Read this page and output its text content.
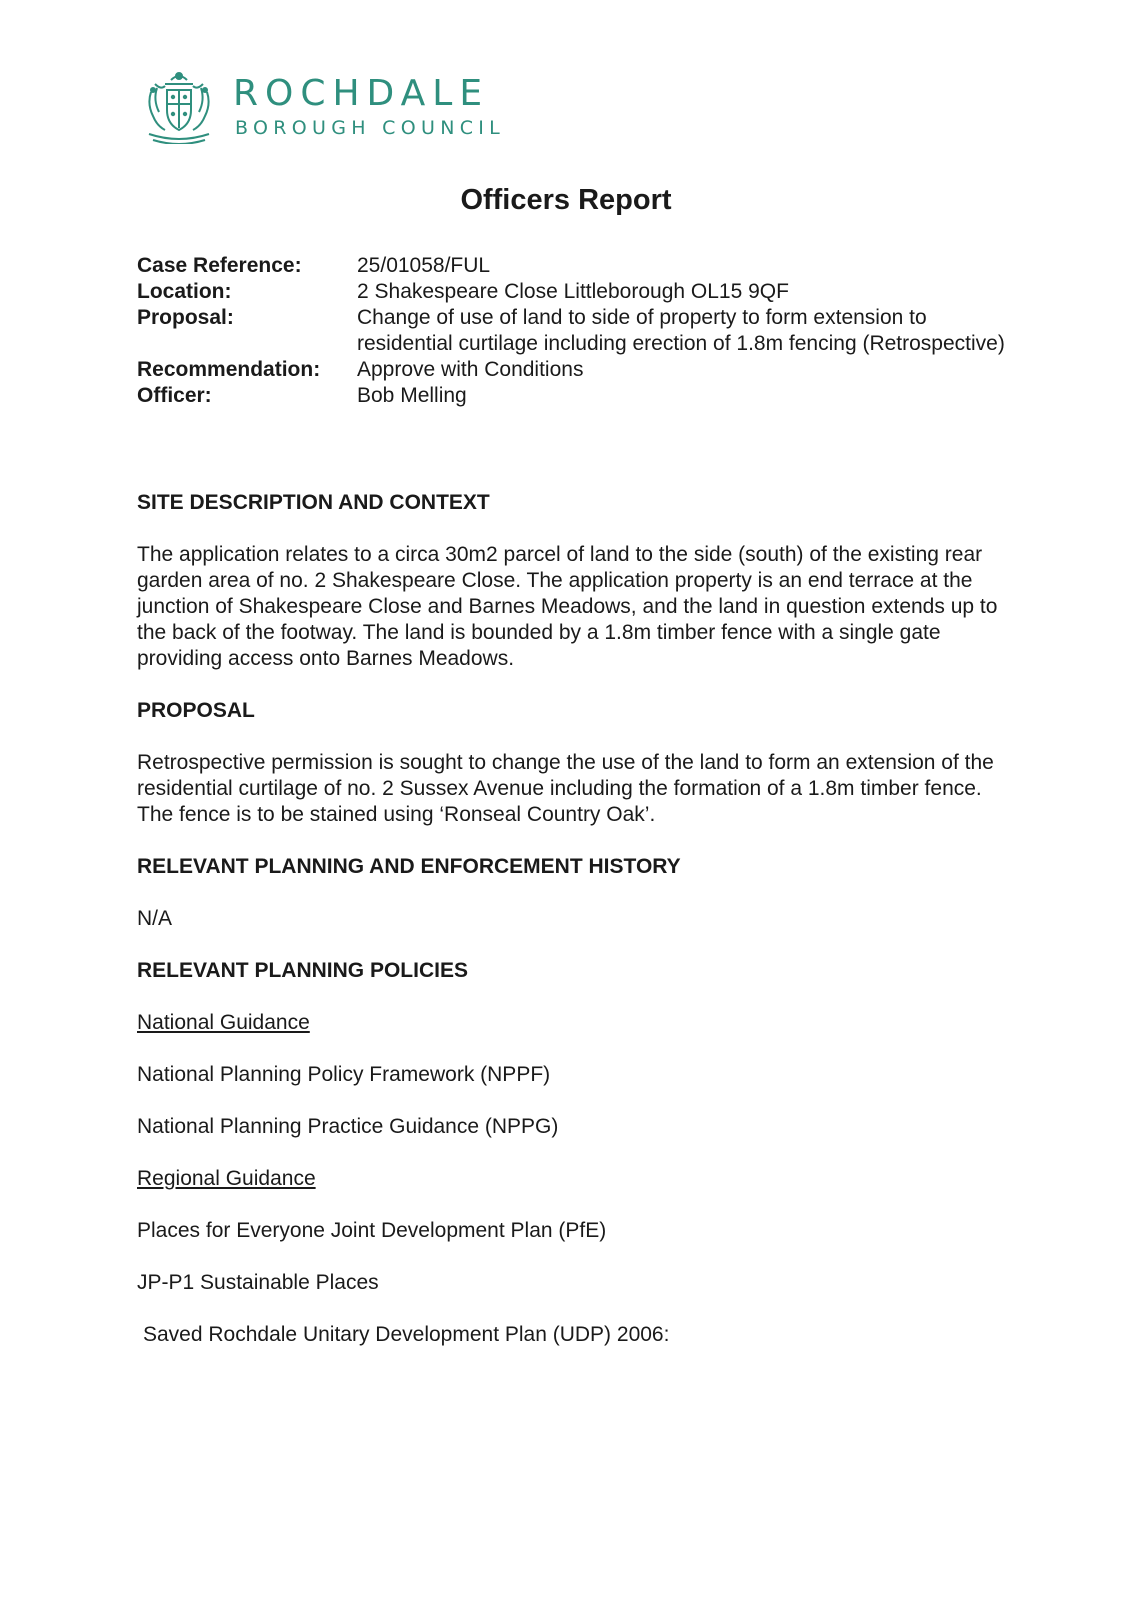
ROCHDALE
BOROUGH COUNCIL
Officers Report
Case Reference:	25/01058/FUL
Location:	2 Shakespeare Close Littleborough OL15 9QF
Proposal:	Change of use of land to side of property to form extension to residential curtilage including erection of 1.8m fencing (Retrospective)
Recommendation:	Approve with Conditions
Officer:	Bob Melling

SITE DESCRIPTION AND CONTEXT

The application relates to a circa 30m2 parcel of land to the side (south) of the existing rear garden area of no. 2 Shakespeare Close. The application property is an end terrace at the junction of Shakespeare Close and Barnes Meadows, and the land in question extends up to the back of the footway. The land is bounded by a 1.8m timber fence with a single gate providing access onto Barnes Meadows.

PROPOSAL

Retrospective permission is sought to change the use of the land to form an extension of the residential curtilage of no. 2 Sussex Avenue including the formation of a 1.8m timber fence. The fence is to be stained using ‘Ronseal Country Oak’.

RELEVANT PLANNING AND ENFORCEMENT HISTORY

N/A

RELEVANT PLANNING POLICIES

National Guidance

National Planning Policy Framework (NPPF)

National Planning Practice Guidance (NPPG)

Regional Guidance

Places for Everyone Joint Development Plan (PfE)

JP-P1 Sustainable Places

Saved Rochdale Unitary Development Plan (UDP) 2006:
